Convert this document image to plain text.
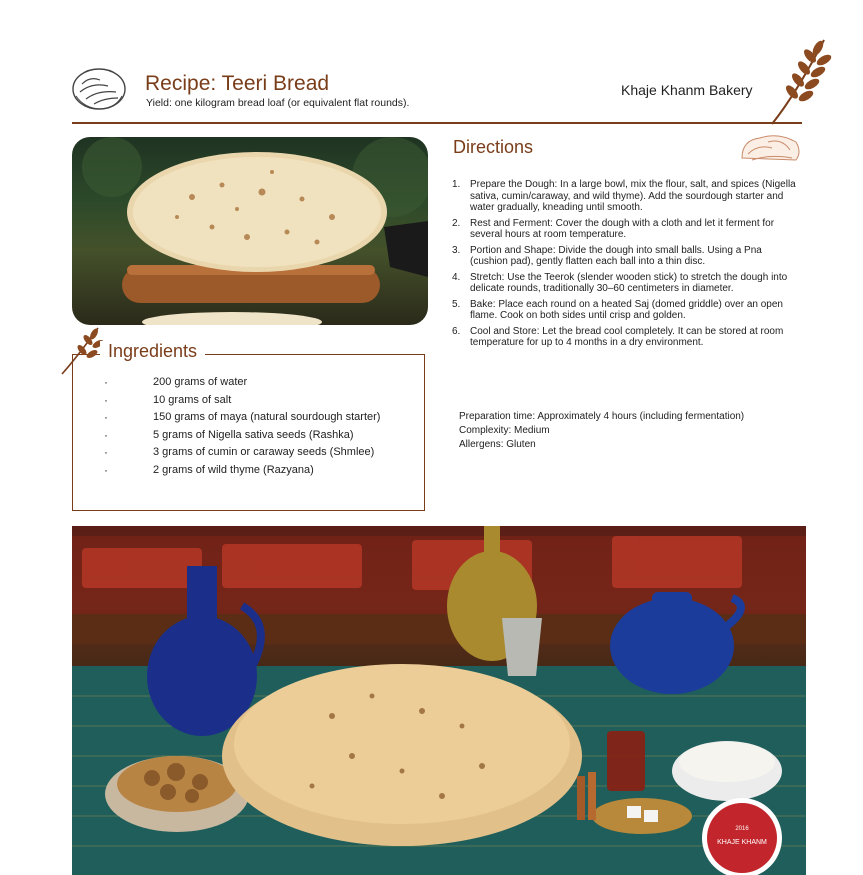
Recipe: Teeri Bread
Yield: one kilogram bread loaf (or equivalent flat rounds).
Khaje Khanm Bakery
Directions
1. Prepare the Dough: In a large bowl, mix the flour, salt, and spices (Nigella sativa, cumin/caraway, and wild thyme). Add the sourdough starter and water gradually, kneading until smooth.
2. Rest and Ferment: Cover the dough with a cloth and let it ferment for several hours at room temperature.
3. Portion and Shape: Divide the dough into small balls. Using a Pna (cushion pad), gently flatten each ball into a thin disc.
4. Stretch: Use the Teerok (slender wooden stick) to stretch the dough into delicate rounds, traditionally 30–60 centimeters in diameter.
5. Bake: Place each round on a heated Saj (domed griddle) over an open flame. Cook on both sides until crisp and golden.
6. Cool and Store: Let the bread cool completely. It can be stored at room temperature for up to 4 months in a dry environment.
Preparation time: Approximately 4 hours (including fermentation)
Complexity: Medium
Allergens: Gluten
Ingredients
· 200 grams of water
· 10 grams of salt
· 150 grams of maya (natural sourdough starter)
· 5 grams of Nigella sativa seeds (Rashka)
· 3 grams of cumin or caraway seeds (Shmlee)
· 2 grams of wild thyme (Razyana)
KHAJE KHANM
2016
